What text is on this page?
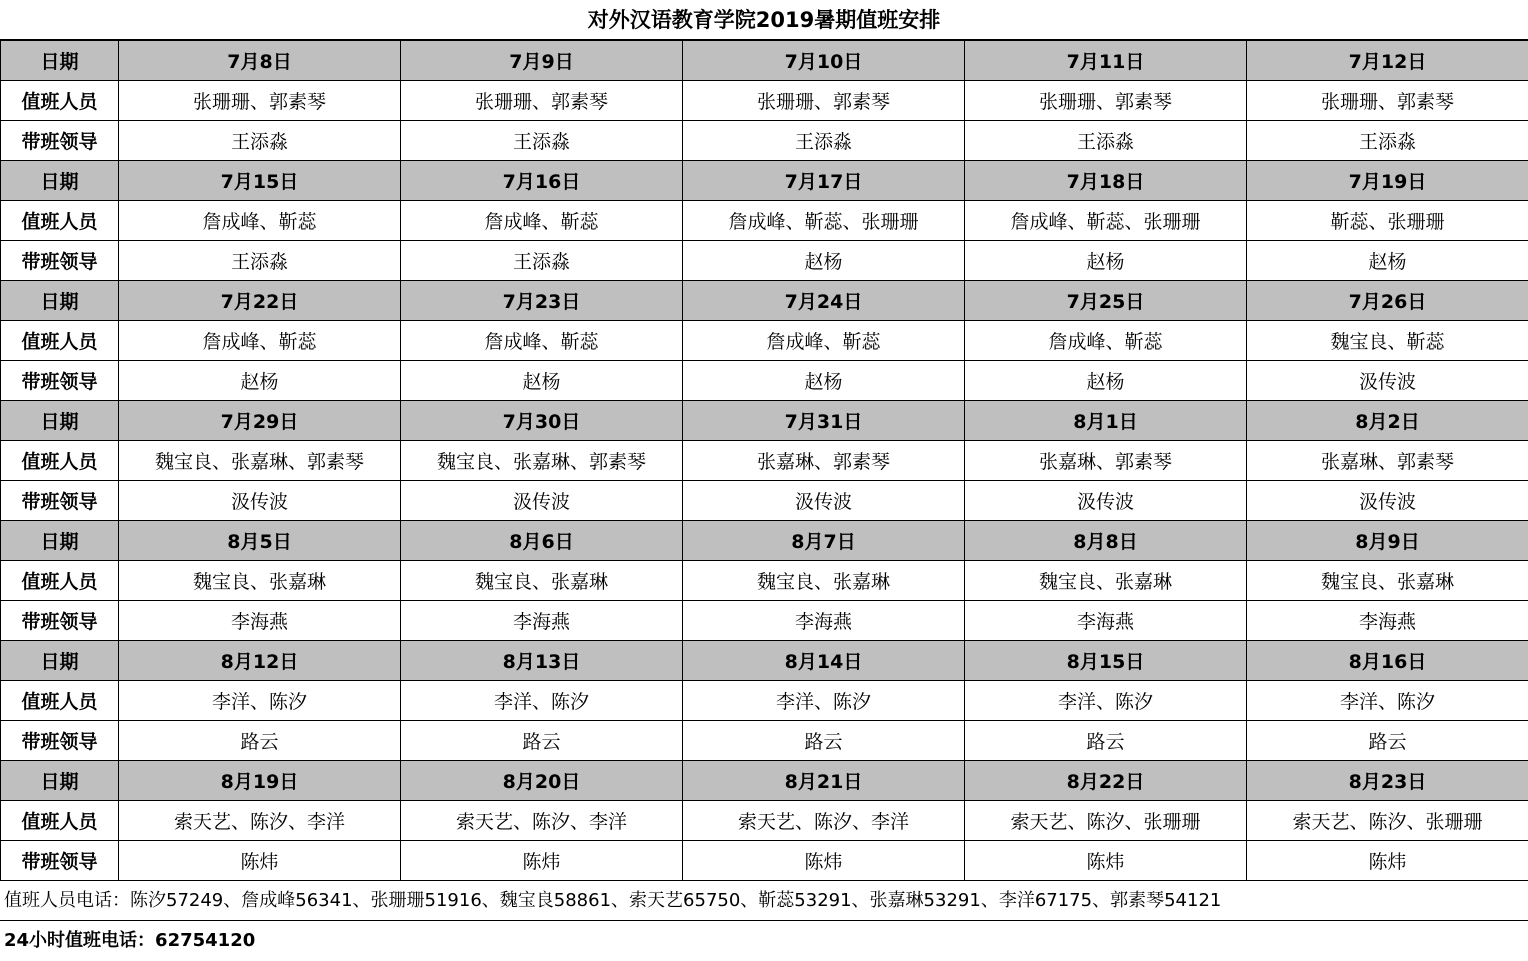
对外汉语教育学院2019暑期值班安排
日期	7月8日	7月9日	7月10日	7月11日	7月12日
值班人员	张珊珊、郭素琴	张珊珊、郭素琴	张珊珊、郭素琴	张珊珊、郭素琴	张珊珊、郭素琴
带班领导	王添淼	王添淼	王添淼	王添淼	王添淼
日期	7月15日	7月16日	7月17日	7月18日	7月19日
值班人员	詹成峰、靳蕊	詹成峰、靳蕊	詹成峰、靳蕊、张珊珊	詹成峰、靳蕊、张珊珊	靳蕊、张珊珊
带班领导	王添淼	王添淼	赵杨	赵杨	赵杨
日期	7月22日	7月23日	7月24日	7月25日	7月26日
值班人员	詹成峰、靳蕊	詹成峰、靳蕊	詹成峰、靳蕊	詹成峰、靳蕊	魏宝良、靳蕊
带班领导	赵杨	赵杨	赵杨	赵杨	汲传波
日期	7月29日	7月30日	7月31日	8月1日	8月2日
值班人员	魏宝良、张嘉琳、郭素琴	魏宝良、张嘉琳、郭素琴	张嘉琳、郭素琴	张嘉琳、郭素琴	张嘉琳、郭素琴
带班领导	汲传波	汲传波	汲传波	汲传波	汲传波
日期	8月5日	8月6日	8月7日	8月8日	8月9日
值班人员	魏宝良、张嘉琳	魏宝良、张嘉琳	魏宝良、张嘉琳	魏宝良、张嘉琳	魏宝良、张嘉琳
带班领导	李海燕	李海燕	李海燕	李海燕	李海燕
日期	8月12日	8月13日	8月14日	8月15日	8月16日
值班人员	李洋、陈汐	李洋、陈汐	李洋、陈汐	李洋、陈汐	李洋、陈汐
带班领导	路云	路云	路云	路云	路云
日期	8月19日	8月20日	8月21日	8月22日	8月23日
值班人员	索天艺、陈汐、李洋	索天艺、陈汐、李洋	索天艺、陈汐、李洋	索天艺、陈汐、张珊珊	索天艺、陈汐、张珊珊
带班领导	陈炜	陈炜	陈炜	陈炜	陈炜
值班人员电话：陈汐57249、詹成峰56341、张珊珊51916、魏宝良58861、索天艺65750、靳蕊53291、张嘉琳53291、李洋67175、郭素琴54121
24小时值班电话：62754120
